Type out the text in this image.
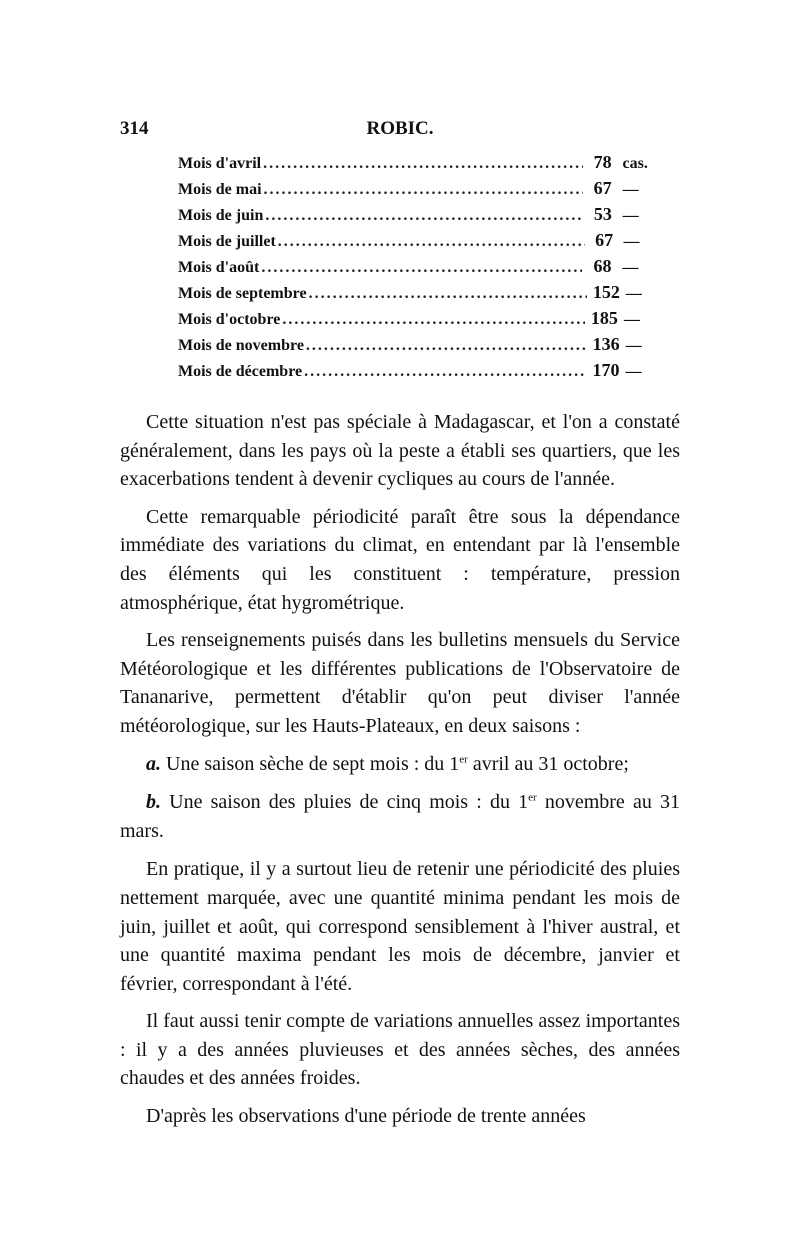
314	ROBIC.
Mois d'avril .....	78 cas.
Mois de mai .....	67 —
Mois de juin .....	53 —
Mois de juillet .....	67 —
Mois d'août .....	68 —
Mois de septembre .....	152 —
Mois d'octobre .....	185 —
Mois de novembre .....	136 —
Mois de décembre .....	170 —

Cette situation n'est pas spéciale à Madagascar, et l'on a constaté généralement, dans les pays où la peste a établi ses quartiers, que les exacerbations tendent à devenir cycliques au cours de l'année.

Cette remarquable périodicité paraît être sous la dépendance immédiate des variations du climat, en entendant par là l'ensemble des éléments qui les constituent : température, pression atmosphérique, état hygrométrique.

Les renseignements puisés dans les bulletins mensuels du Service Météorologique et les différentes publications de l'Observatoire de Tananarive, permettent d'établir qu'on peut diviser l'année météorologique, sur les Hauts-Plateaux, en deux saisons :

a. Une saison sèche de sept mois : du 1er avril au 31 octobre;

b. Une saison des pluies de cinq mois : du 1er novembre au 31 mars.

En pratique, il y a surtout lieu de retenir une périodicité des pluies nettement marquée, avec une quantité minima pendant les mois de juin, juillet et août, qui correspond sensiblement à l'hiver austral, et une quantité maxima pendant les mois de décembre, janvier et février, correspondant à l'été.

Il faut aussi tenir compte de variations annuelles assez importantes : il y a des années pluvieuses et des années sèches, des années chaudes et des années froides.

D'après les observations d'une période de trente années
